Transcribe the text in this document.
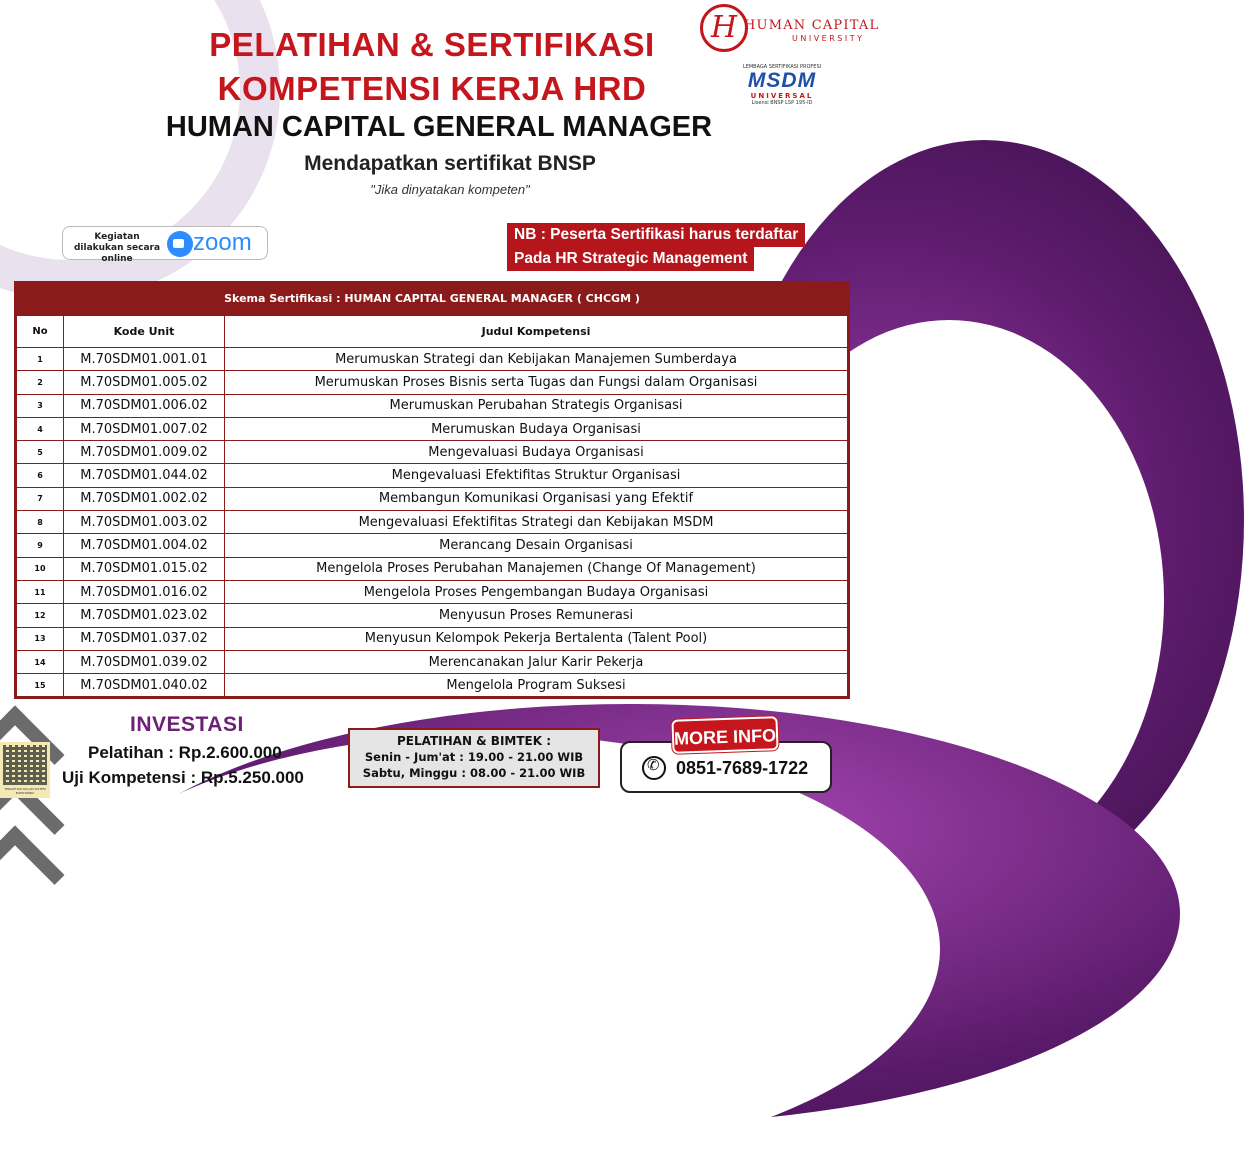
H HUMAN CAPITAL
UNIVERSITY
LEMBAGA SERTIFIKASI PROFESI
MSDM
UNIVERSAL
Lisensi BNSP LSP 195-ID
PELATIHAN & SERTIFIKASI
KOMPETENSI KERJA HRD
HUMAN CAPITAL GENERAL MANAGER
Mendapatkan sertifikat BNSP
"Jika dinyatakan kompeten"
Kegiatan dilakukan secara online
zoom	NB : Peserta Sertifikasi harus terdaftar
Pada HR Strategic Management
Skema Sertifikasi : HUMAN CAPITAL GENERAL MANAGER ( CHCGM )
No	Kode Unit	Judul Kompetensi
1	M.70SDM01.001.01	Merumuskan Strategi dan Kebijakan Manajemen Sumberdaya
2	M.70SDM01.005.02	Merumuskan Proses Bisnis serta Tugas dan Fungsi dalam Organisasi
3	M.70SDM01.006.02	Merumuskan Perubahan Strategis Organisasi
4	M.70SDM01.007.02	Merumuskan Budaya Organisasi
5	M.70SDM01.009.02	Mengevaluasi Budaya Organisasi
6	M.70SDM01.044.02	Mengevaluasi Efektifitas Struktur Organisasi
7	M.70SDM01.002.02	Membangun Komunikasi Organisasi yang Efektif
8	M.70SDM01.003.02	Mengevaluasi Efektifitas Strategi dan Kebijakan MSDM
9	M.70SDM01.004.02	Merancang Desain Organisasi
10	M.70SDM01.015.02	Mengelola Proses Perubahan Manajemen (Change Of Management)
11	M.70SDM01.016.02	Mengelola Proses Pengembangan Budaya Organisasi
12	M.70SDM01.023.02	Menyusun Proses Remunerasi
13	M.70SDM01.037.02	Menyusun Kelompok Pekerja Bertalenta (Talent Pool)
14	M.70SDM01.039.02	Merencanakan Jalur Karir Pekerja
15	M.70SDM01.040.02	Mengelola Program Suksesi
TERDAFTAR DALAM SISTEM ELEKTRONIK
INVESTASI
Pelatihan : Rp.2.600.000
Uji Kompetensi : Rp.5.250.000
PELATIHAN & BIMTEK :
Senin - Jum'at : 19.00 - 21.00 WIB
Sabtu, Minggu : 08.00 - 21.00 WIB ✆	0851-7689-1722
MORE INFO
